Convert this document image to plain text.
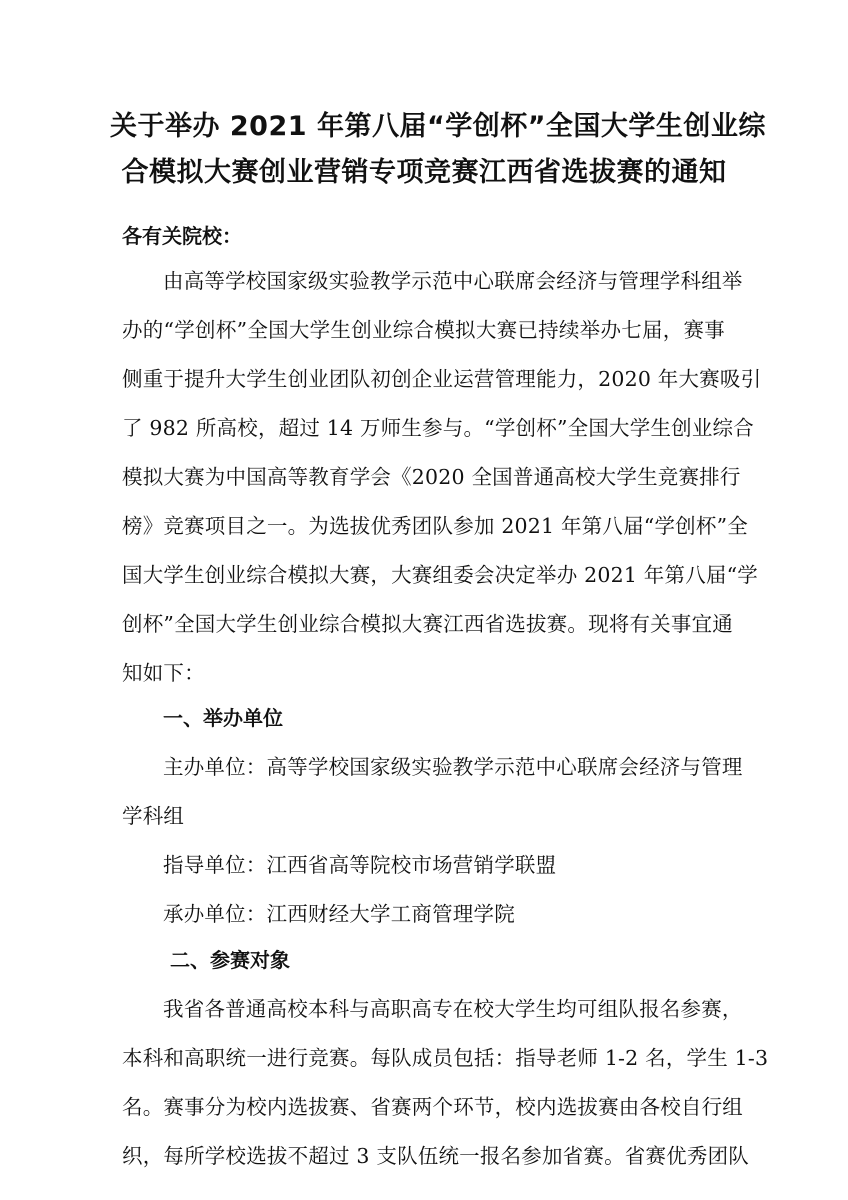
关于举办 2021 年第八届“学创杯”全国大学生创业综
合模拟大赛创业营销专项竞赛江西省选拔赛的通知
各有关院校：
由高等学校国家级实验教学示范中心联席会经济与管理学科组举
办的“学创杯”全国大学生创业综合模拟大赛已持续举办七届，赛事
侧重于提升大学生创业团队初创企业运营管理能力，2020 年大赛吸引
了 982 所高校，超过 14 万师生参与。“学创杯”全国大学生创业综合
模拟大赛为中国高等教育学会《2020 全国普通高校大学生竞赛排行
榜》竞赛项目之一。为选拔优秀团队参加 2021 年第八届“学创杯”全
国大学生创业综合模拟大赛，大赛组委会决定举办 2021 年第八届“学
创杯”全国大学生创业综合模拟大赛江西省选拔赛。现将有关事宜通
知如下：
一、举办单位
主办单位：高等学校国家级实验教学示范中心联席会经济与管理
学科组
指导单位：江西省高等院校市场营销学联盟
承办单位：江西财经大学工商管理学院
二、参赛对象
我省各普通高校本科与高职高专在校大学生均可组队报名参赛，
本科和高职统一进行竞赛。每队成员包括：指导老师 1-2 名，学生 1-3
名。赛事分为校内选拔赛、省赛两个环节，校内选拔赛由各校自行组
织，每所学校选拔不超过 3 支队伍统一报名参加省赛。省赛优秀团队
